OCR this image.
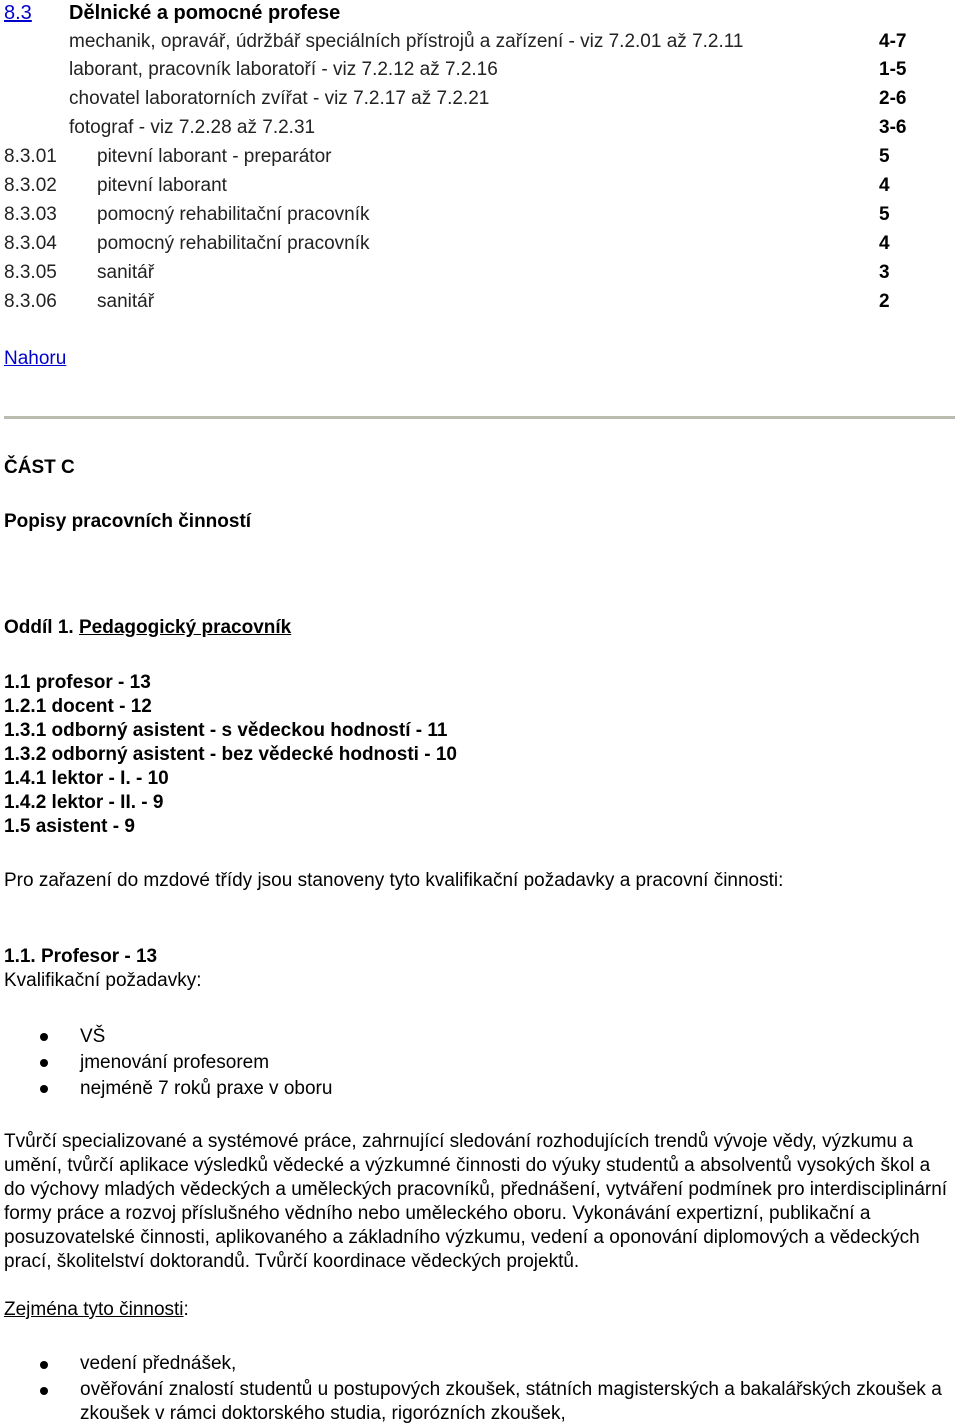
8.3 Dělnické a pomocné profese
mechanik, opravář, údržbář speciálních přístrojů a zařízení - viz 7.2.01 až 7.2.11	4-7
laborant, pracovník laboratoří - viz 7.2.12 až 7.2.16	1-5
chovatel laboratorních zvířat - viz 7.2.17 až 7.2.21	2-6
fotograf - viz 7.2.28 až 7.2.31	3-6
8.3.01 pitevní laborant - preparátor	5
8.3.02 pitevní laborant	4
8.3.03 pomocný rehabilitační pracovník	5
8.3.04 pomocný rehabilitační pracovník	4
8.3.05 sanitář	3
8.3.06 sanitář	2
Nahoru
ČÁST C
Popisy pracovních činností
Oddíl 1. Pedagogický pracovník
1.1 profesor - 13
1.2.1 docent - 12
1.3.1 odborný asistent - s vědeckou hodností - 11
1.3.2 odborný asistent - bez vědecké hodnosti - 10
1.4.1 lektor - I. - 10
1.4.2 lektor - II. - 9
1.5 asistent - 9
Pro zařazení do mzdové třídy jsou stanoveny tyto kvalifikační požadavky a pracovní činnosti:
1.1. Profesor - 13
Kvalifikační požadavky:
VŠ
jmenování profesorem
nejméně 7 roků praxe v oboru
Tvůrčí specializované a systémové práce, zahrnující sledování rozhodujících trendů vývoje vědy, výzkumu a umění, tvůrčí aplikace výsledků vědecké a výzkumné činnosti do výuky studentů a absolventů vysokých škol a do výchovy mladých vědeckých a uměleckých pracovníků, přednášení, vytváření podmínek pro interdisciplinární formy práce a rozvoj příslušného vědního nebo uměleckého oboru. Vykonávání expertizní, publikační a posuzovatelské činnosti, aplikovaného a základního výzkumu, vedení a oponování diplomových a vědeckých prací, školitelství doktorandů. Tvůrčí koordinace vědeckých projektů.
Zejména tyto činnosti:
vedení přednášek,
ověřování znalostí studentů u postupových zkoušek, státních magisterských a bakalářských zkoušek a zkoušek v rámci doktorského studia, rigorózních zkoušek,
